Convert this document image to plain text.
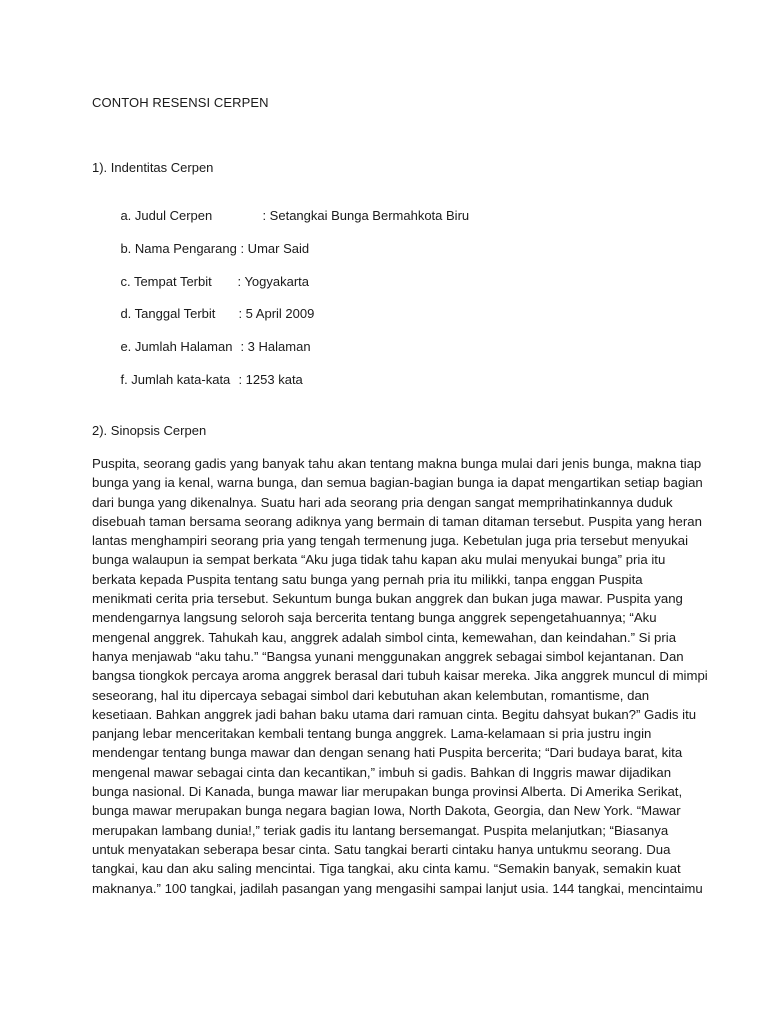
CONTOH RESENSI CERPEN
1). Indentitas Cerpen

a. Judul Cerpen	: Setangkai Bunga Bermahkota Biru

b. Nama Pengarang : Umar Said

c. Tempat Terbit : Yogyakarta

d. Tanggal Terbit : 5 April 2009

e. Jumlah Halaman : 3 Halaman

f. Jumlah kata-kata : 1253 kata

2). Sinopsis Cerpen
Puspita, seorang gadis yang banyak tahu akan tentang makna bunga mulai dari jenis bunga, makna tiap
bunga yang ia kenal, warna bunga, dan semua bagian-bagian bunga ia dapat mengartikan setiap bagian
dari bunga yang dikenalnya. Suatu hari ada seorang pria dengan sangat memprihatinkannya duduk
disebuah taman bersama seorang adiknya yang bermain di taman ditaman tersebut. Puspita yang heran
lantas menghampiri seorang pria yang tengah termenung juga. Kebetulan juga pria tersebut menyukai
bunga walaupun ia sempat berkata “Aku juga tidak tahu kapan aku mulai menyukai bunga” pria itu
berkata kepada Puspita tentang satu bunga yang pernah pria itu milikki, tanpa enggan Puspita
menikmati cerita pria tersebut. Sekuntum bunga bukan anggrek dan bukan juga mawar. Puspita yang
mendengarnya langsung seloroh saja bercerita tentang bunga anggrek sepengetahuannya; “Aku
mengenal anggrek. Tahukah kau, anggrek adalah simbol cinta, kemewahan, dan keindahan.” Si pria
hanya menjawab “aku tahu.” “Bangsa yunani menggunakan anggrek sebagai simbol kejantanan. Dan
bangsa tiongkok percaya aroma anggrek berasal dari tubuh kaisar mereka. Jika anggrek muncul di mimpi
seseorang, hal itu dipercaya sebagai simbol dari kebutuhan akan kelembutan, romantisme, dan
kesetiaan. Bahkan anggrek jadi bahan baku utama dari ramuan cinta. Begitu dahsyat bukan?” Gadis itu
panjang lebar menceritakan kembali tentang bunga anggrek. Lama-kelamaan si pria justru ingin
mendengar tentang bunga mawar dan dengan senang hati Puspita bercerita; “Dari budaya barat, kita
mengenal mawar sebagai cinta dan kecantikan,” imbuh si gadis. Bahkan di Inggris mawar dijadikan
bunga nasional. Di Kanada, bunga mawar liar merupakan bunga provinsi Alberta. Di Amerika Serikat,
bunga mawar merupakan bunga negara bagian Iowa, North Dakota, Georgia, dan New York. “Mawar
merupakan lambang dunia!,” teriak gadis itu lantang bersemangat. Puspita melanjutkan; “Biasanya
untuk menyatakan seberapa besar cinta. Satu tangkai berarti cintaku hanya untukmu seorang. Dua
tangkai, kau dan aku saling mencintai. Tiga tangkai, aku cinta kamu. “Semakin banyak, semakin kuat
maknanya.” 100 tangkai, jadilah pasangan yang mengasihi sampai lanjut usia. 144 tangkai, mencintaimu
